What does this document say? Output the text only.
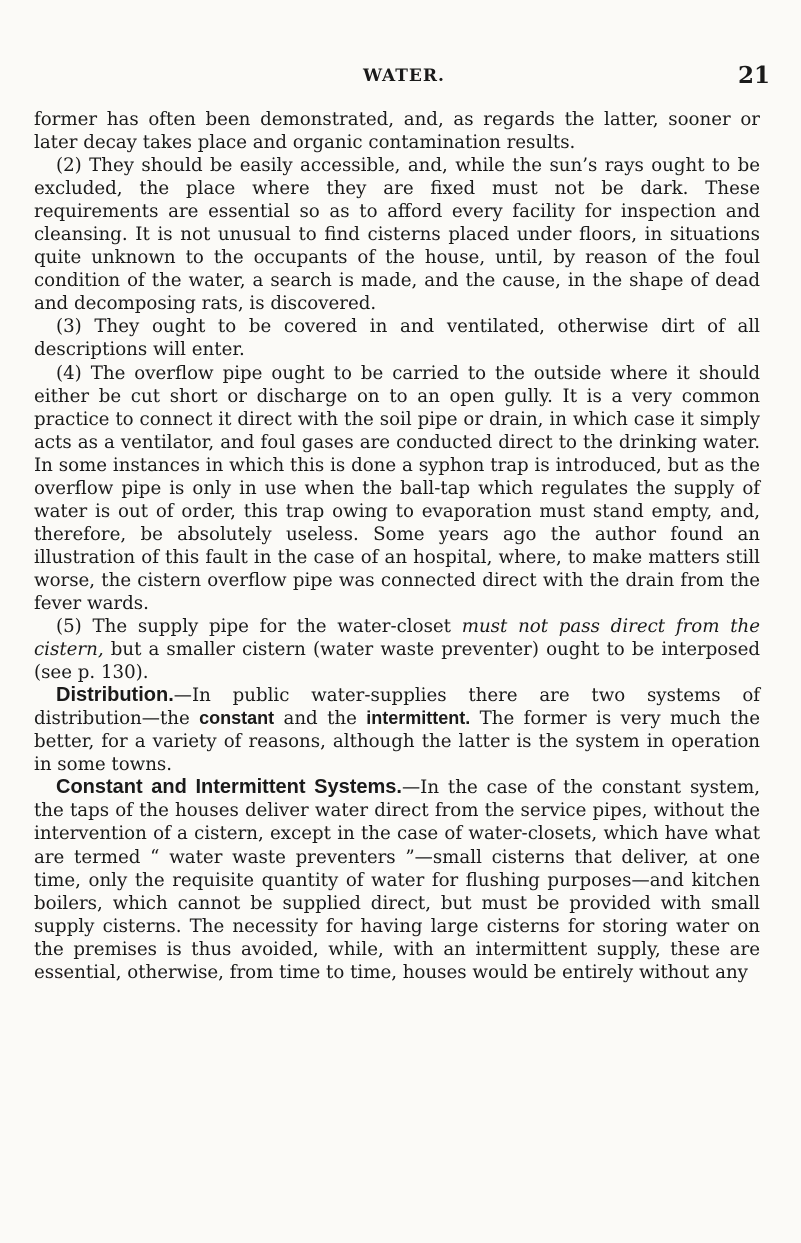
WATER.	21

former has often been demonstrated, and, as regards the latter, sooner or later decay takes place and organic contamination results.

(2) They should be easily accessible, and, while the sun’s rays ought to be excluded, the place where they are fixed must not be dark. These requirements are essential so as to afford every facility for inspection and cleansing. It is not unusual to find cisterns placed under floors, in situations quite unknown to the occupants of the house, until, by reason of the foul condition of the water, a search is made, and the cause, in the shape of dead and decomposing rats, is discovered.

(3) They ought to be covered in and ventilated, otherwise dirt of all descriptions will enter.

(4) The overflow pipe ought to be carried to the outside where it should either be cut short or discharge on to an open gully. It is a very common practice to connect it direct with the soil pipe or drain, in which case it simply acts as a ventilator, and foul gases are conducted direct to the drinking water. In some instances in which this is done a syphon trap is introduced, but as the overflow pipe is only in use when the ball-tap which regulates the supply of water is out of order, this trap owing to evaporation must stand empty, and, therefore, be absolutely useless. Some years ago the author found an illustration of this fault in the case of an hospital, where, to make matters still worse, the cistern overflow pipe was connected direct with the drain from the fever wards.

(5) The supply pipe for the water-closet must not pass direct from the cistern, but a smaller cistern (water waste preventer) ought to be interposed (see p. 130).

Distribution.—In public water-supplies there are two systems of distribution—the constant and the intermittent. The former is very much the better, for a variety of reasons, although the latter is the system in operation in some towns.

Constant and Intermittent Systems.—In the case of the constant system, the taps of the houses deliver water direct from the service pipes, without the intervention of a cistern, except in the case of water-closets, which have what are termed “ water waste preventers ”—small cisterns that deliver, at one time, only the requisite quantity of water for flushing purposes—and kitchen boilers, which cannot be supplied direct, but must be provided with small supply cisterns. The necessity for having large cisterns for storing water on the premises is thus avoided, while, with an intermittent supply, these are essential, otherwise, from time to time, houses would be entirely without any
